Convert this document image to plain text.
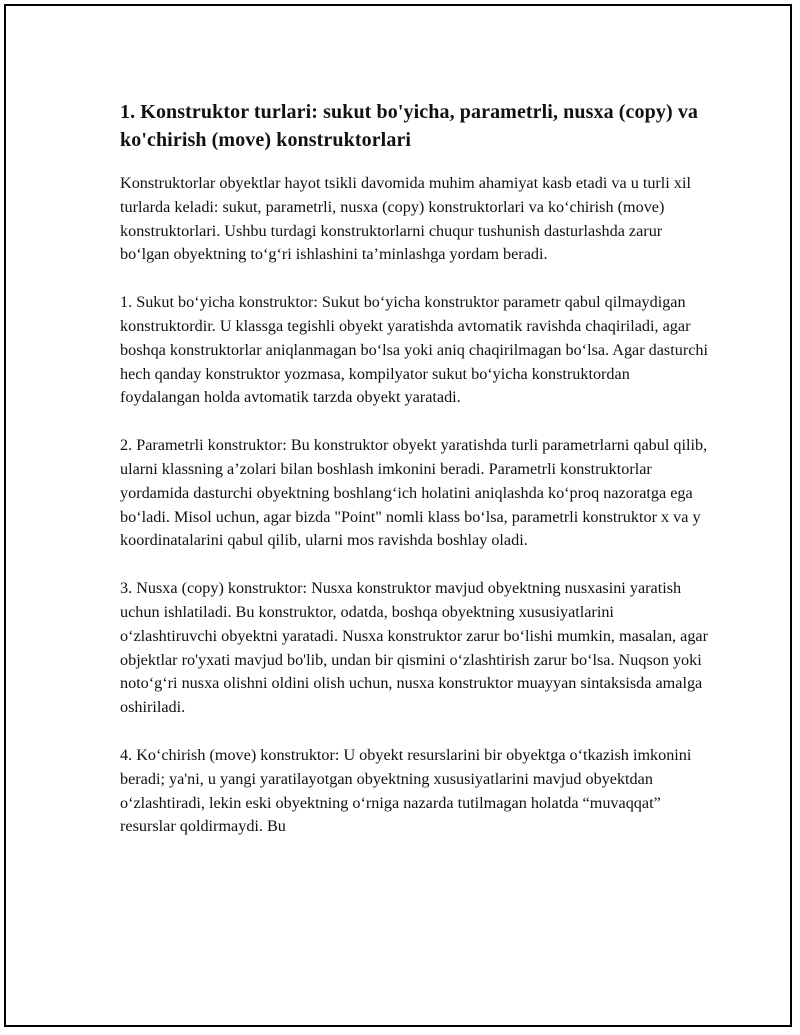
1. Konstruktor turlari: sukut bo'yicha, parametrli, nusxa (copy) va ko'chirish (move) konstruktorlari

Konstruktorlar obyektlar hayot tsikli davomida muhim ahamiyat kasb etadi va u turli xil turlarda keladi: sukut, parametrli, nusxa (copy) konstruktorlari va ko‘chirish (move) konstruktorlari. Ushbu turdagi konstruktorlarni chuqur tushunish dasturlashda zarur bo‘lgan obyektning to‘g‘ri ishlashini ta’minlashga yordam beradi.

1. Sukut bo‘yicha konstruktor: Sukut bo‘yicha konstruktor parametr qabul qilmaydigan konstruktordir. U klassga tegishli obyekt yaratishda avtomatik ravishda chaqiriladi, agar boshqa konstruktorlar aniqlanmagan bo‘lsa yoki aniq chaqirilmagan bo‘lsa. Agar dasturchi hech qanday konstruktor yozmasa, kompilyator sukut bo‘yicha konstruktordan foydalangan holda avtomatik tarzda obyekt yaratadi.

2. Parametrli konstruktor: Bu konstruktor obyekt yaratishda turli parametrlarni qabul qilib, ularni klassning a’zolari bilan boshlash imkonini beradi. Parametrli konstruktorlar yordamida dasturchi obyektning boshlang‘ich holatini aniqlashda ko‘proq nazoratga ega bo‘ladi. Misol uchun, agar bizda "Point" nomli klass bo‘lsa, parametrli konstruktor x va y koordinatalarini qabul qilib, ularni mos ravishda boshlay oladi.

3. Nusxa (copy) konstruktor: Nusxa konstruktor mavjud obyektning nusxasini yaratish uchun ishlatiladi. Bu konstruktor, odatda, boshqa obyektning xususiyatlarini o‘zlashtiruvchi obyektni yaratadi. Nusxa konstruktor zarur bo‘lishi mumkin, masalan, agar objektlar ro'yxati mavjud bo'lib, undan bir qismini o‘zlashtirish zarur bo‘lsa. Nuqson yoki noto‘g‘ri nusxa olishni oldini olish uchun, nusxa konstruktor muayyan sintaksisda amalga oshiriladi.

4. Ko‘chirish (move) konstruktor: U obyekt resurslarini bir obyektga o‘tkazish imkonini beradi; ya'ni, u yangi yaratilayotgan obyektning xususiyatlarini mavjud obyektdan o‘zlashtiradi, lekin eski obyektning o‘rniga nazarda tutilmagan holatda “muvaqqat” resurslar qoldirmaydi. Bu
